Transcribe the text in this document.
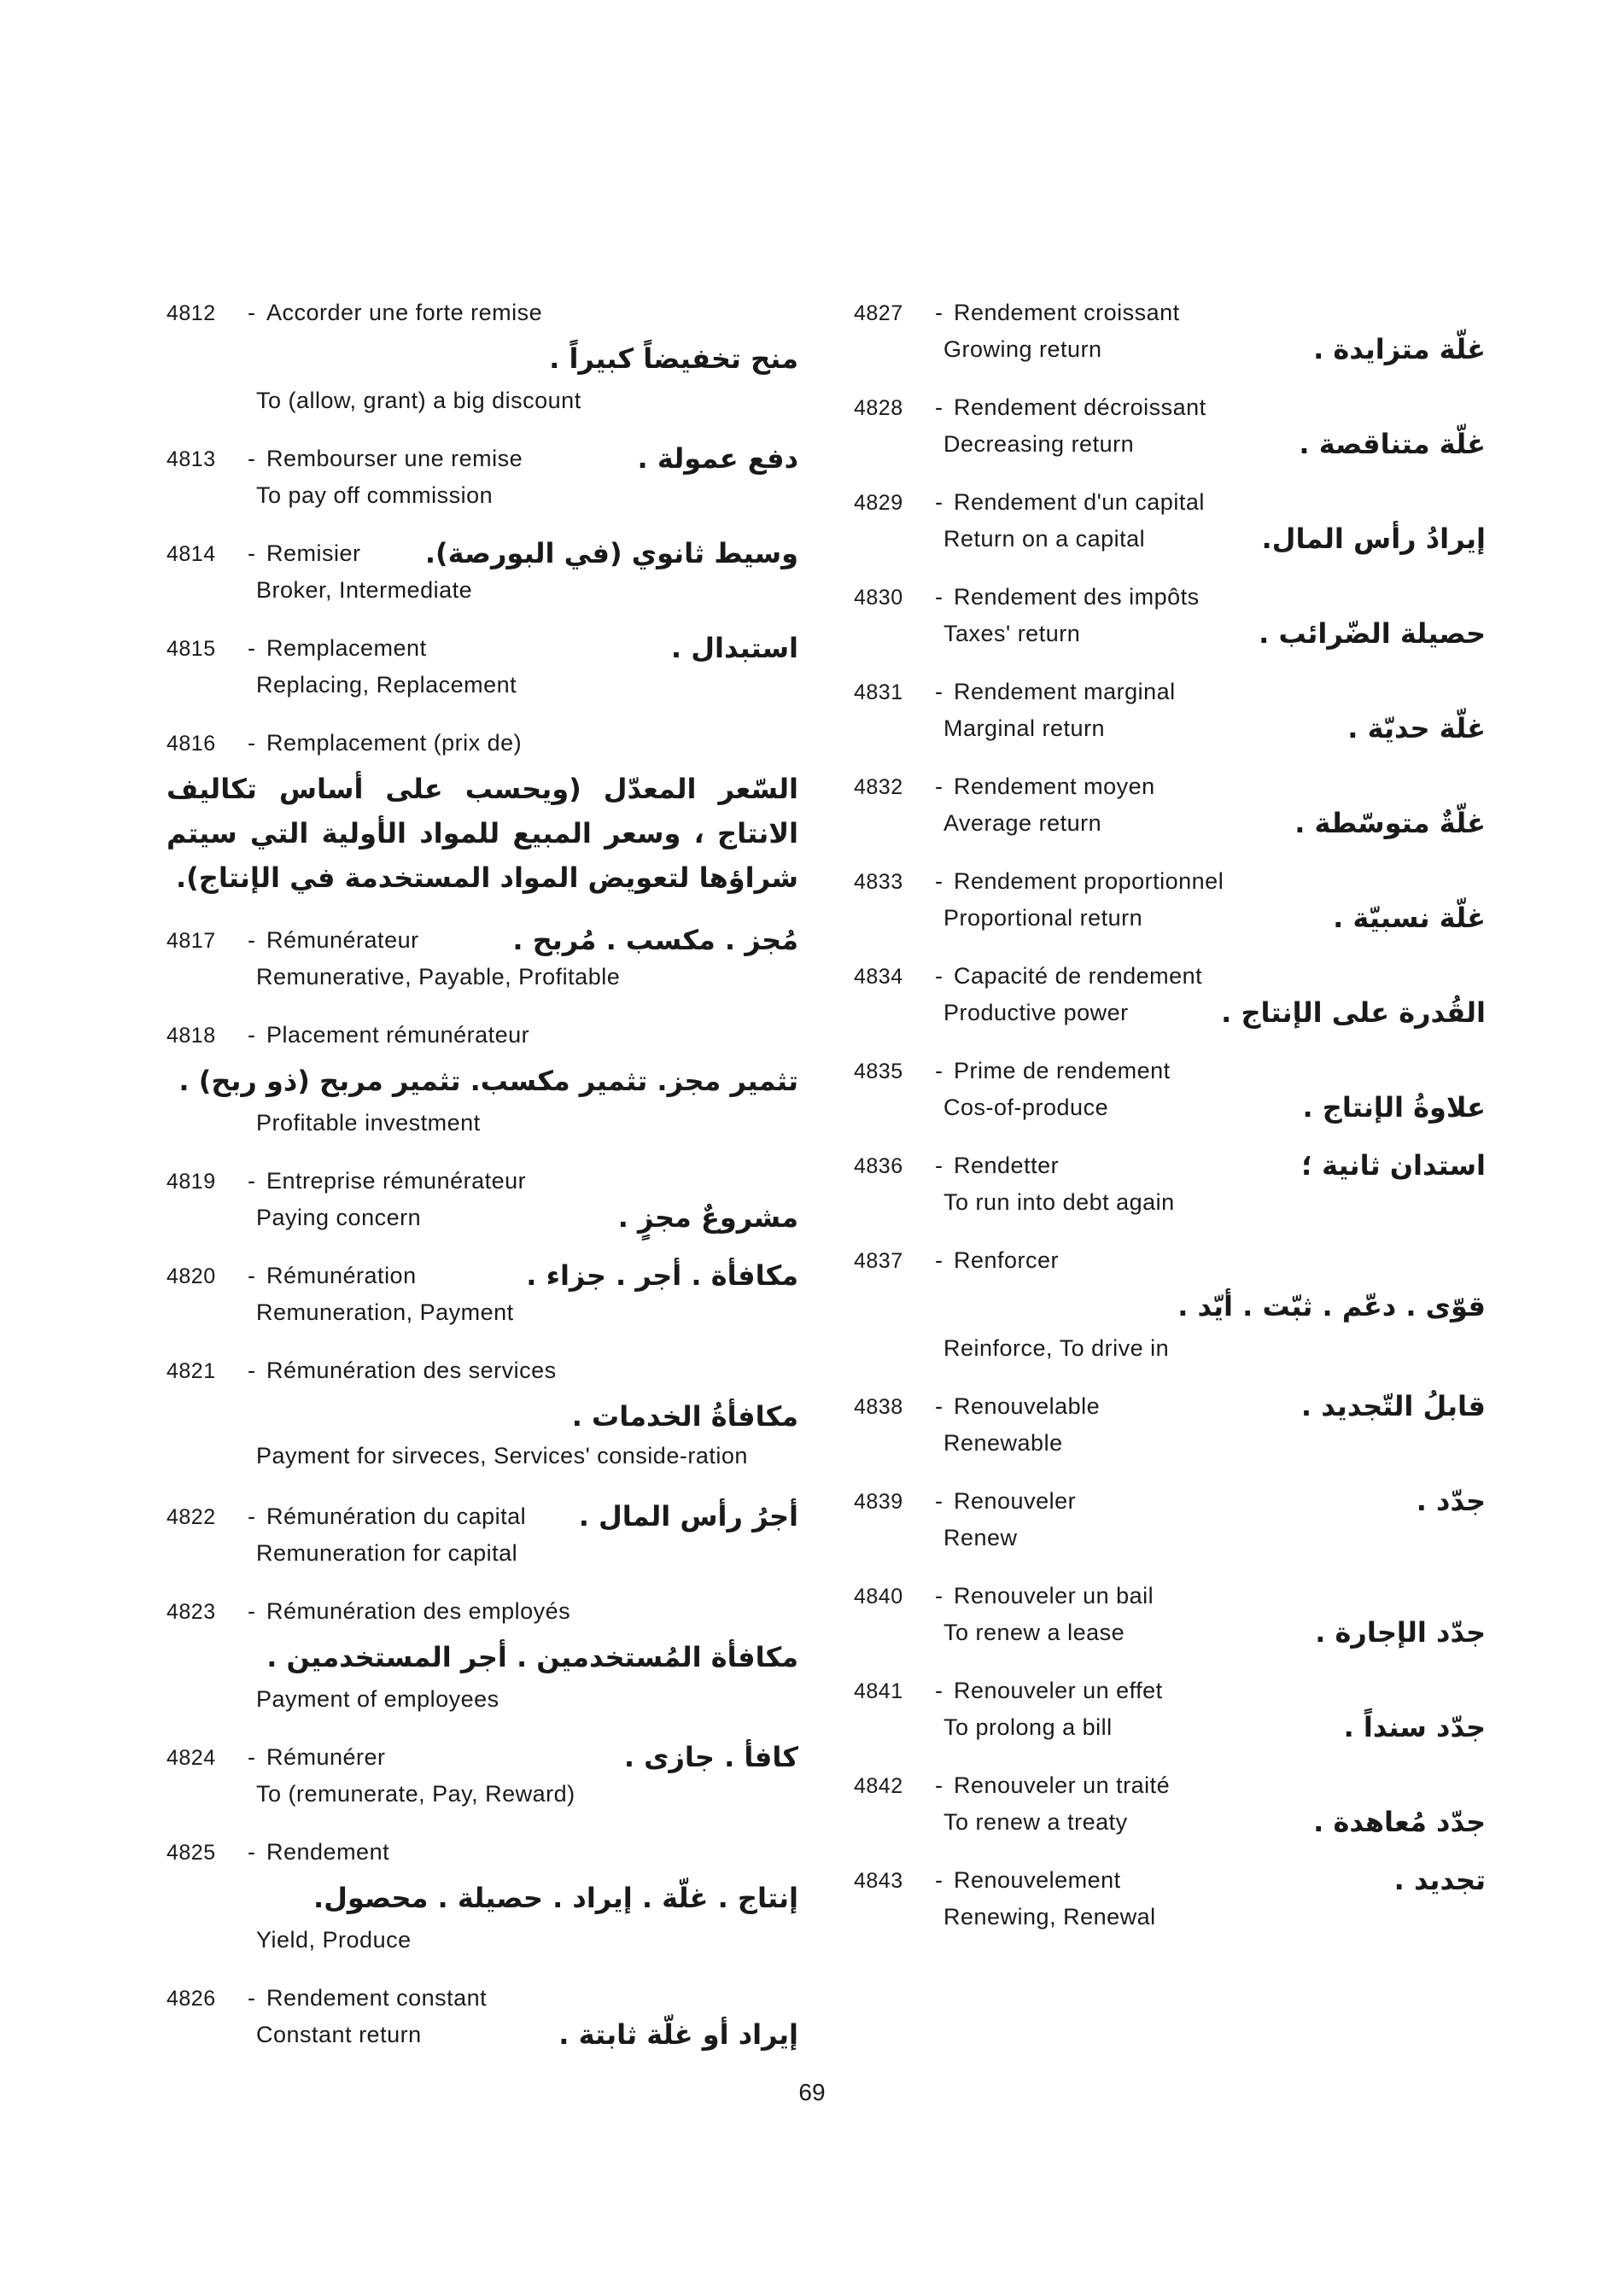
4812 - Accorder une forte remise
منح تخفيضاً كبيراً .
To (allow, grant) a big discount
4813 - Rembourser une remise	دفع عمولة .
To pay off commission
4814 - Remisier وسيط ثانوي (في البورصة).
Broker, Intermediate
4815 - Remplacement	استبدال .
Replacing, Replacement
4816 - Remplacement (prix de)
السّعر المعدّل (ويحسب على أساس تكاليف الانتاج ، وسعر المبيع للمواد الأولية التي سيتم شراؤها لتعويض المواد المستخدمة في الإنتاج).
4817 - Rémunérateur	مُجز . مكسب . مُربح .
Remunerative, Payable, Profitable
4818 - Placement rémunérateur
تثمير مجز. تثمير مكسب. تثمير مربح (ذو ربح) .
Profitable investment
4819 - Entreprise rémunérateur
Paying concern	مشروعٌ مجزٍ .
4820 - Rémunération	مكافأة . أجر . جزاء .
Remuneration, Payment
4821 - Rémunération des services
مكافأةُ الخدمات .
Payment for sirveces, Services' conside-ration
4822 - Rémunération du capital أجرُ رأس المال .
Remuneration for capital
4823 - Rémunération des employés
مكافأة المُستخدمين . أجر المستخدمين .
Payment of employees
4824 - Rémunérer	كافأ . جازى .
To (remunerate, Pay, Reward)
4825 - Rendement
إنتاج . غلّة . إيراد . حصيلة . محصول.
Yield, Produce
4826 - Rendement constant
Constant return	إيراد أو غلّة ثابتة .
4827 - Rendement croissant
Growing return	غلّة متزايدة .
4828 - Rendement décroissant
Decreasing return	غلّة متناقصة .
4829 - Rendement d'un capital
Return on a capital	إيرادُ رأس المال.
4830 - Rendement des impôts
Taxes' return	حصيلة الضّرائب .
4831 - Rendement marginal
Marginal return	غلّة حديّة .
4832 - Rendement moyen
Average return	غلّةٌ متوسّطة .
4833 - Rendement proportionnel
Proportional return	غلّة نسبيّة .
4834 - Capacité de rendement
Productive power	القُدرة على الإنتاج .
4835 - Prime de rendement
Cos-of-produce	علاوةُ الإنتاج .
4836 - Rendetter	استدان ثانية ؛
To run into debt again
4837 - Renforcer
قوّى . دعّم . ثبّت . أيّد .
Reinforce, To drive in
4838 - Renouvelable	قابلُ التّجديد .
Renewable
4839 - Renouveler	جدّد .
Renew
4840 - Renouveler un bail
To renew a lease	جدّد الإجارة .
4841 - Renouveler un effet
To prolong a bill	جدّد سنداً .
4842 - Renouveler un traité
To renew a treaty	جدّد مُعاهدة .
4843 - Renouvelement	تجديد .
Renewing, Renewal
69
